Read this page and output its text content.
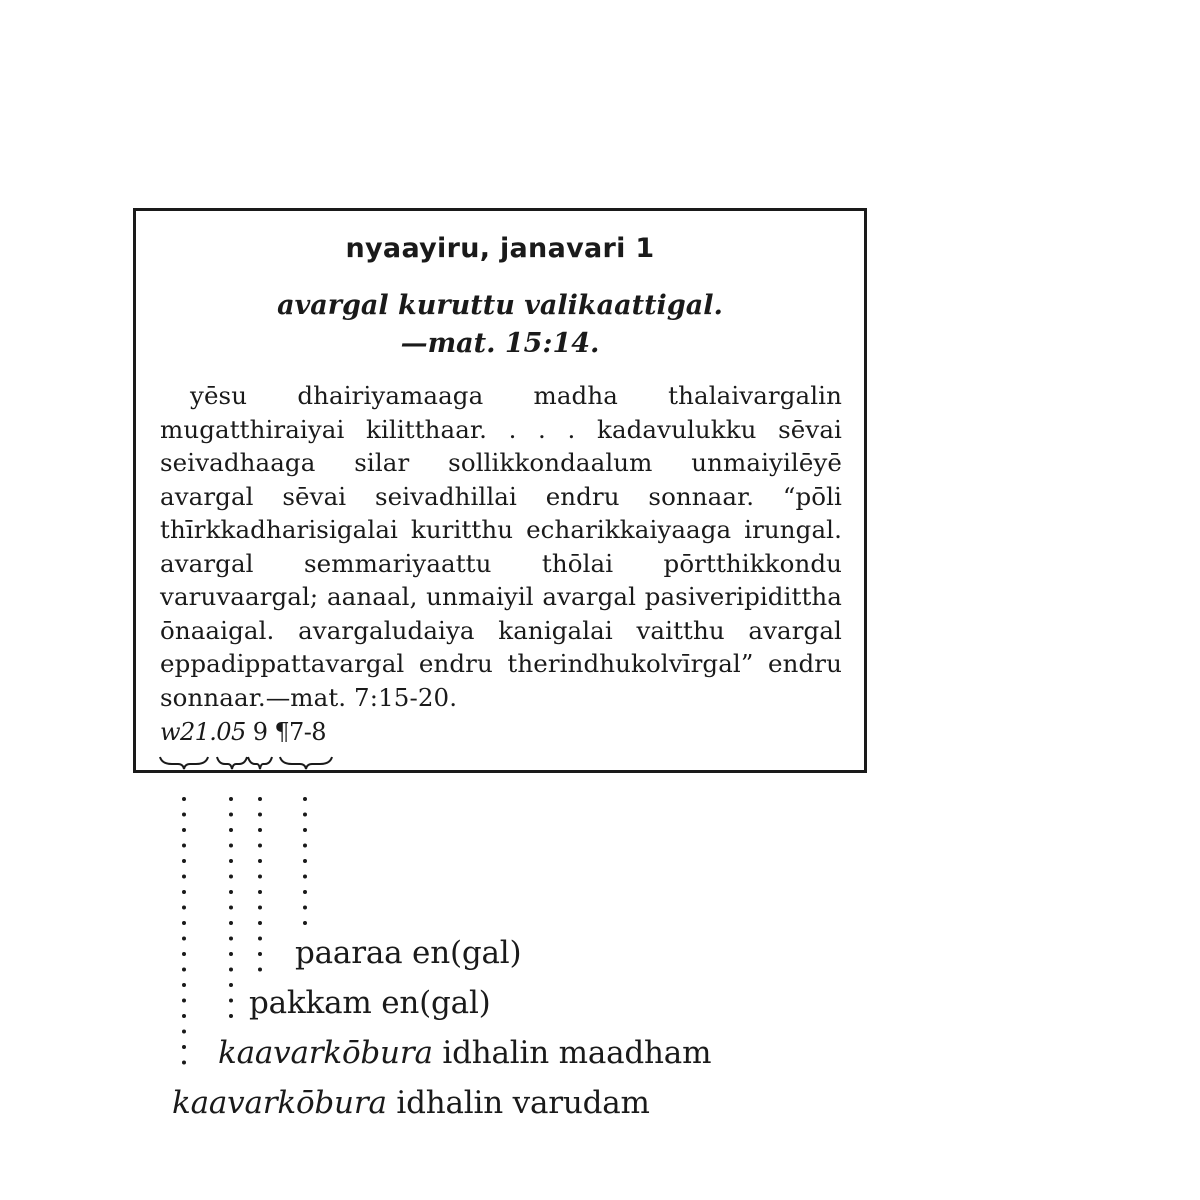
nyaayiru, janavari 1
avargal kuruttu valikaattigal.
—mat. 15:14.
yēsu dhairiyamaaga madha thalaivargalin mugatthiraiyai kilitthaar. . . . kadavulukku sēvai seivadhaaga silar sollikkondaalum unmaiyilēyē avargal sēvai seivadhillai endru sonnaar. “pōli thīrkkadharisigalai kuritthu echarikkaiyaaga irungal. avargal semmariyaattu thōlai pōrtthikkondu varuvaargal; aanaal, unmaiyil avargal pasiveripidittha ōnaaigal. avargaludaiya kanigalai vaitthu avargal eppadippattavargal endru therindhukolvīrgal” endru sonnaar.—mat. 7:15-20.
w21.05 9 ¶7-8
paaraa en(gal)
pakkam en(gal)
kaavarkōbura idhalin maadham
kaavarkōbura idhalin varudam
